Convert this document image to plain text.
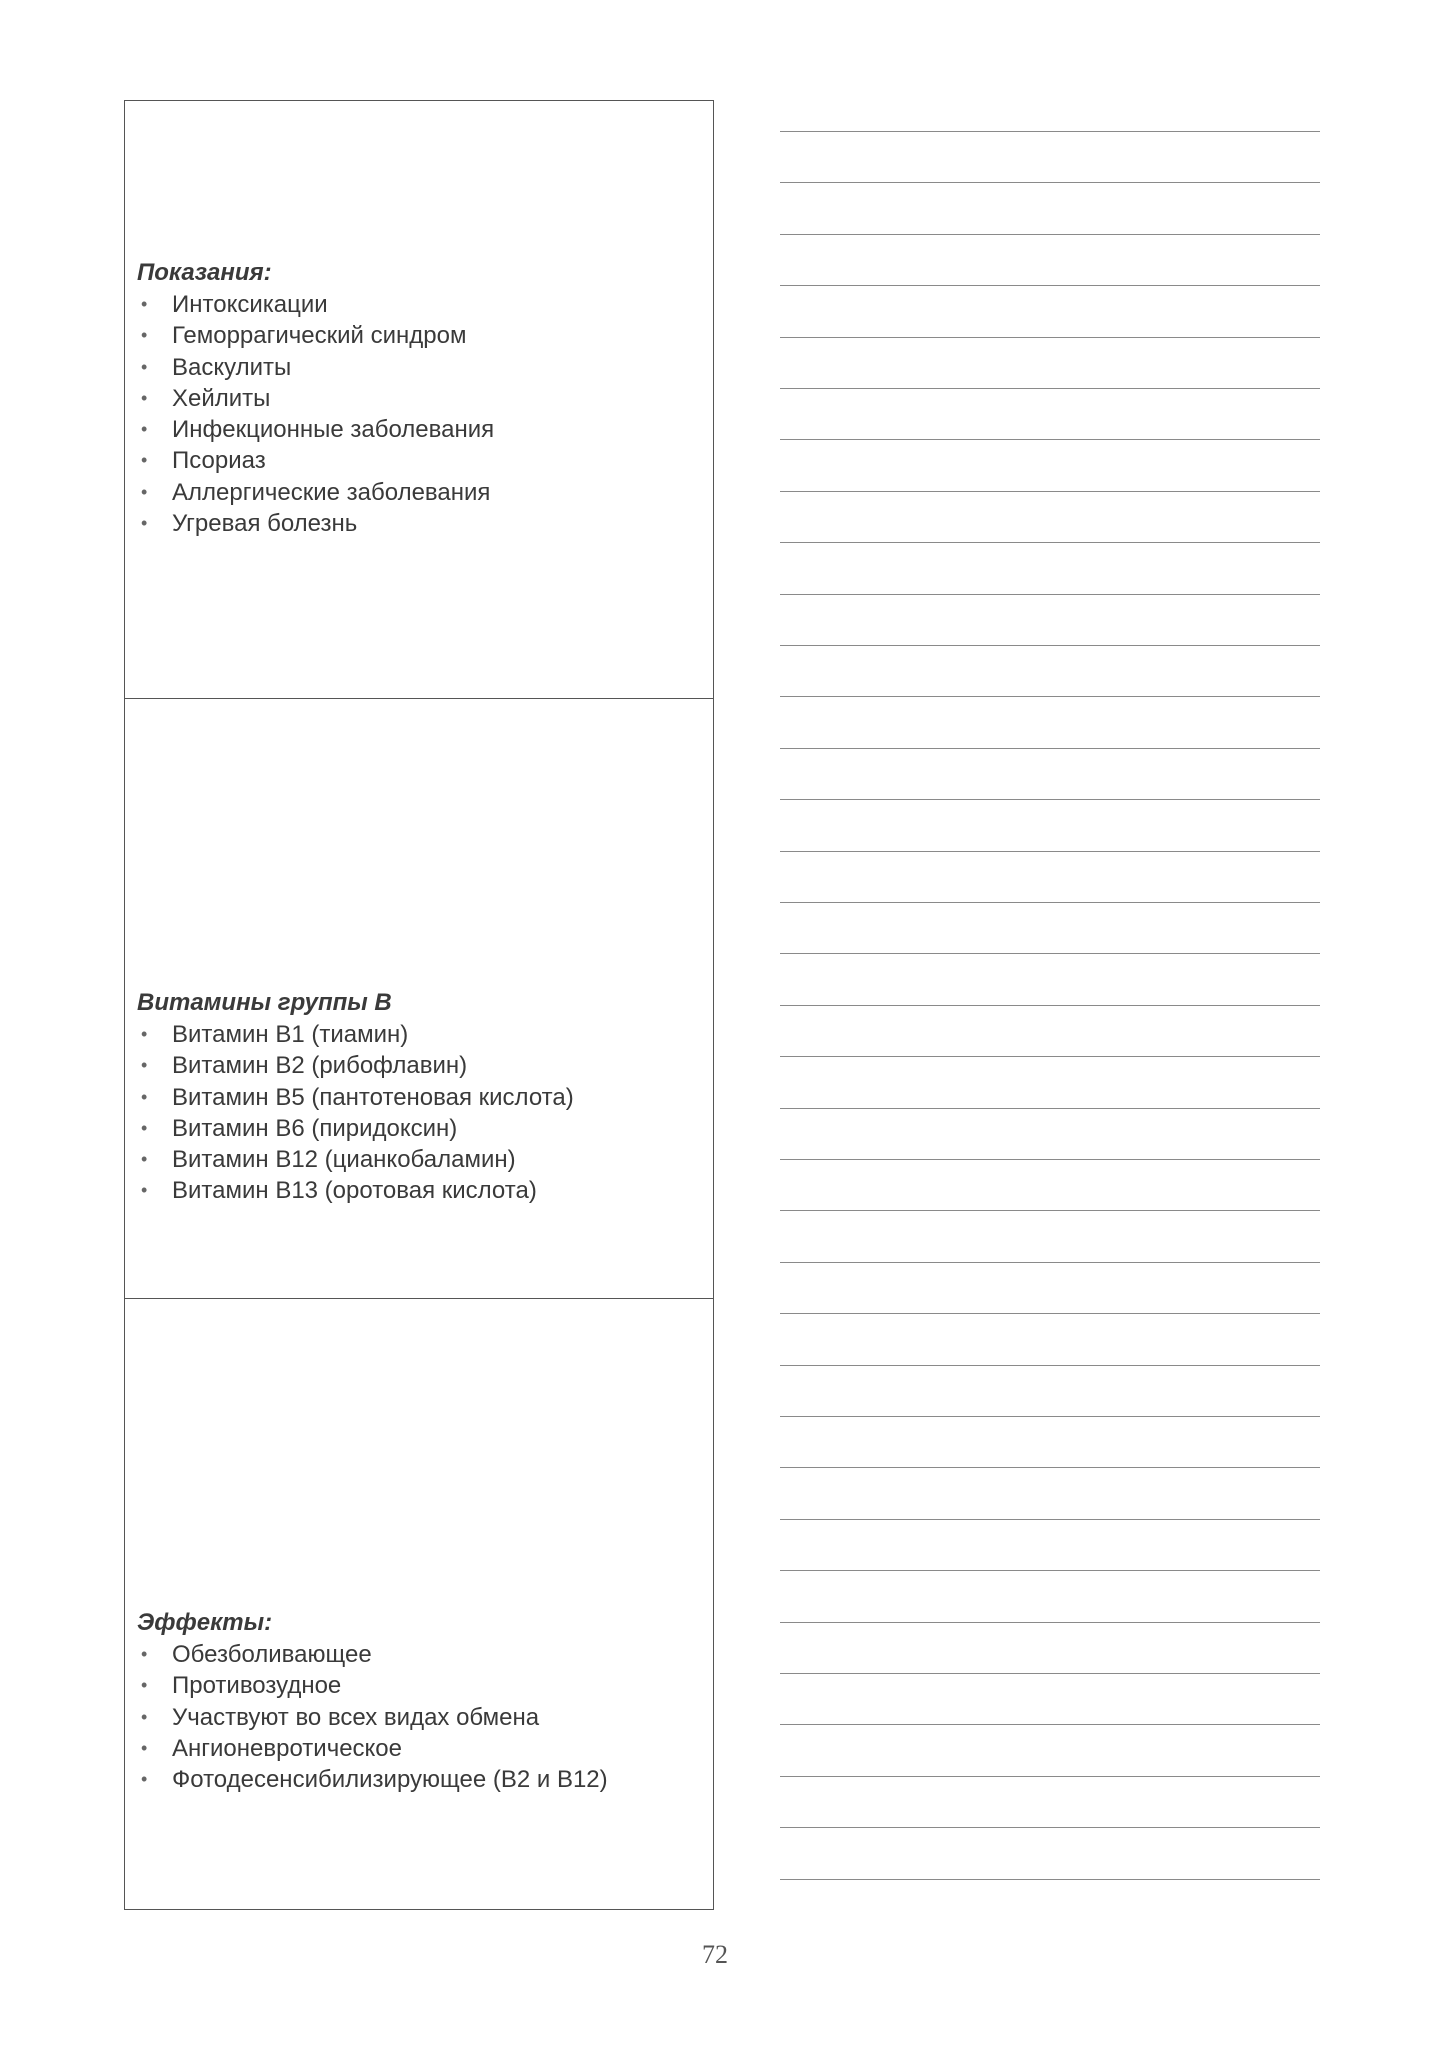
Показания:

• Интоксикации
• Геморрагический синдром
• Васкулиты
• Хейлиты
• Инфекционные заболевания
• Псориаз
• Аллергические заболевания
• Угревая болезнь

Витамины группы В

• Витамин В1 (тиамин)
• Витамин В2 (рибофлавин)
• Витамин В5 (пантотеновая кислота)
• Витамин В6 (пиридоксин)
• Витамин В12 (цианкобаламин)
• Витамин В13 (оротовая кислота)

Эффекты:

• Обезболивающее
• Противозудное
• Участвуют во всех видах обмена
• Ангионевротическое
• Фотодесенсибилизирующее (В2 и В12)
72
